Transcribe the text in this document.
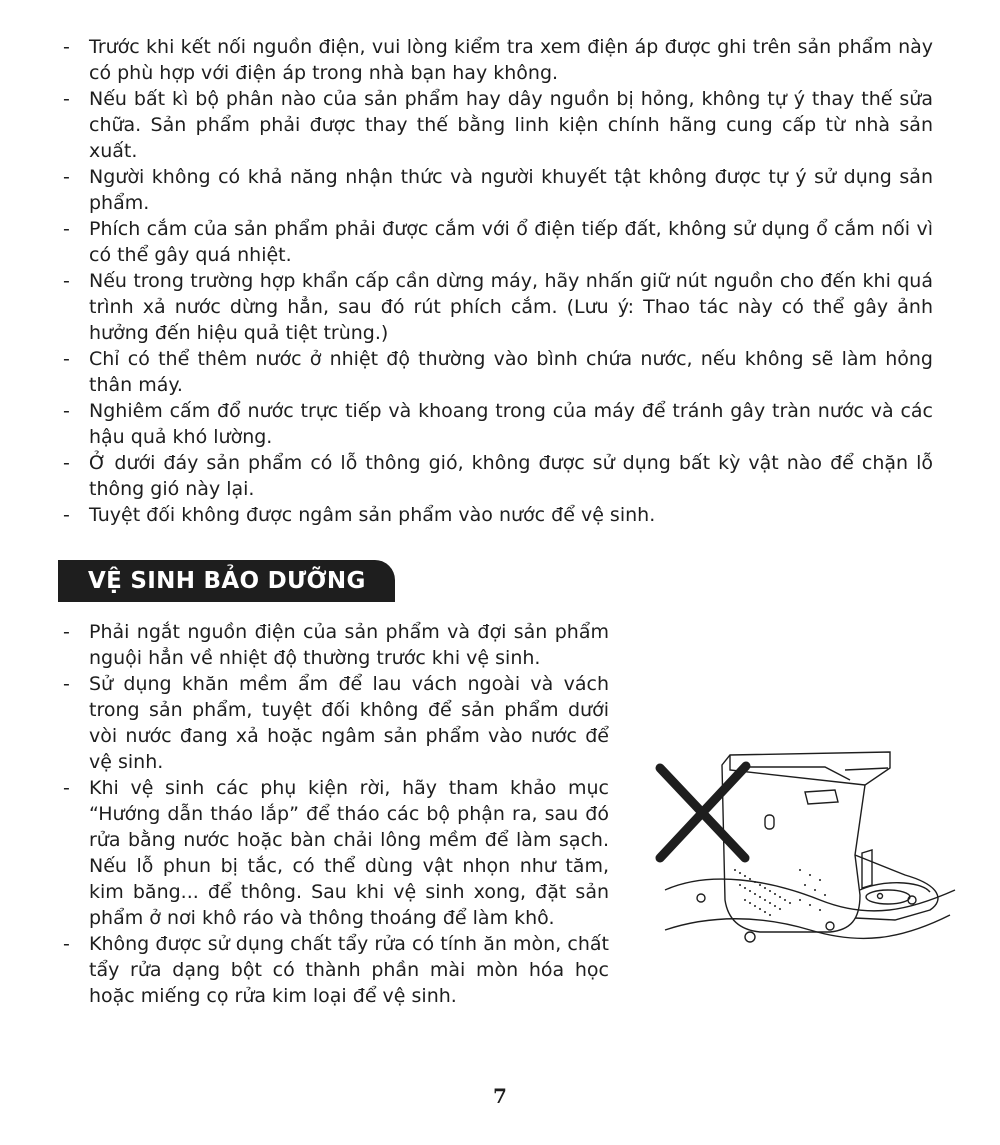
- Trước khi kết nối nguồn điện, vui lòng kiểm tra xem điện áp được ghi trên sản phẩm này có phù hợp với điện áp trong nhà bạn hay không.
- Nếu bất kì bộ phân nào của sản phẩm hay dây nguồn bị hỏng, không tự ý thay thế sửa chữa. Sản phẩm phải được thay thế bằng linh kiện chính hãng cung cấp từ nhà sản xuất.
- Người không có khả năng nhận thức và người khuyết tật không được tự ý sử dụng sản phẩm.
- Phích cắm của sản phẩm phải được cắm với ổ điện tiếp đất, không sử dụng ổ cắm nối vì có thể gây quá nhiệt.
- Nếu trong trường hợp khẩn cấp cần dừng máy, hãy nhấn giữ nút nguồn cho đến khi quá trình xả nước dừng hẳn, sau đó rút phích cắm. (Lưu ý: Thao tác này có thể gây ảnh hưởng đến hiệu quả tiệt trùng.)
- Chỉ có thể thêm nước ở nhiệt độ thường vào bình chứa nước, nếu không sẽ làm hỏng thân máy.
- Nghiêm cấm đổ nước trực tiếp và khoang trong của máy để tránh gây tràn nước và các hậu quả khó lường.
- Ở dưới đáy sản phẩm có lỗ thông gió, không được sử dụng bất kỳ vật nào để chặn lỗ thông gió này lại.
- Tuyệt đối không được ngâm sản phẩm vào nước để vệ sinh.
VỆ SINH BẢO DƯỠNG
- Phải ngắt nguồn điện của sản phẩm và đợi sản phẩm nguội hẳn về nhiệt độ thường trước khi vệ sinh.
- Sử dụng khăn mềm ẩm để lau vách ngoài và vách trong sản phẩm, tuyệt đối không để sản phẩm dưới vòi nước đang xả hoặc ngâm sản phẩm vào nước để vệ sinh.
- Khi vệ sinh các phụ kiện rời, hãy tham khảo mục “Hướng dẫn tháo lắp” để tháo các bộ phận ra, sau đó rửa bằng nước hoặc bàn chải lông mềm để làm sạch. Nếu lỗ phun bị tắc, có thể dùng vật nhọn như tăm, kim băng... để thông. Sau khi vệ sinh xong, đặt sản phẩm ở nơi khô ráo và thông thoáng để làm khô.
- Không được sử dụng chất tẩy rửa có tính ăn mòn, chất tẩy rửa dạng bột có thành phần mài mòn hóa học hoặc miếng cọ rửa kim loại để vệ sinh.
7
